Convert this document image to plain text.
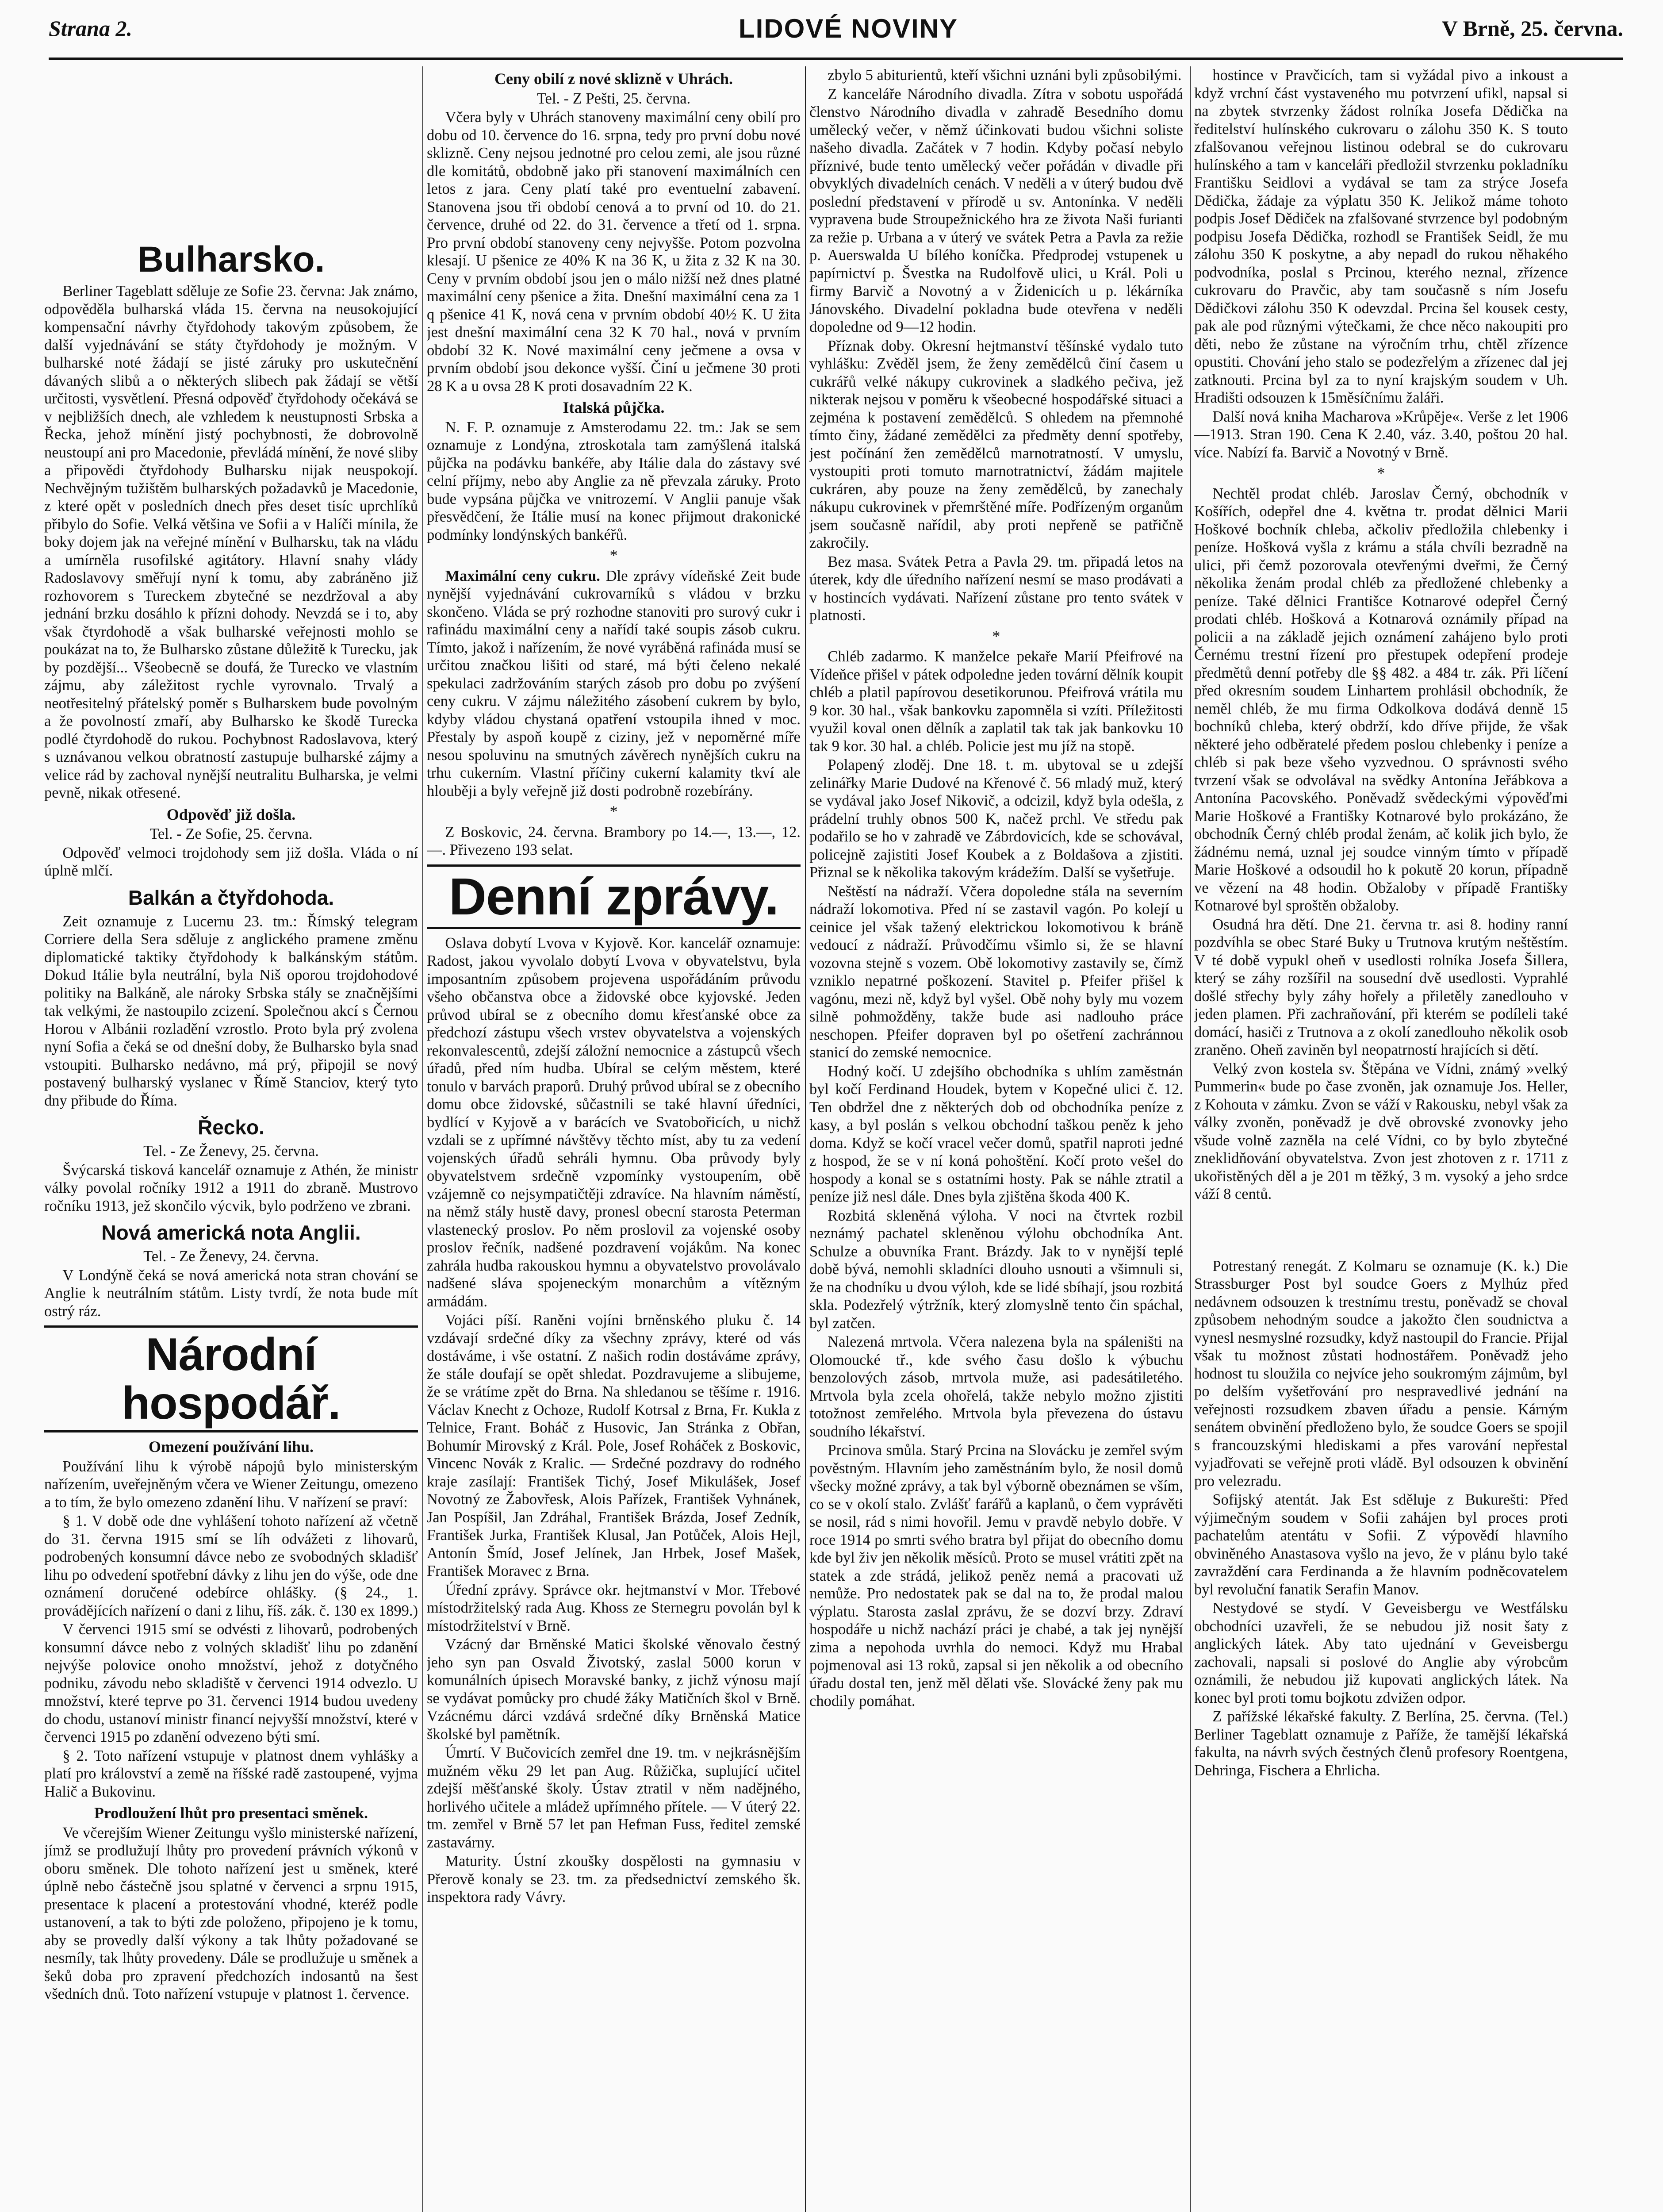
Strana 2.	LIDOVÉ NOVINY	V Brně, 25. června.
Bulharsko.

Berliner Tageblatt sděluje ze Sofie 23. června: Jak známo, odpověděla bulharská vláda 15. června na neusokojující kompensační návrhy čtyřdohody takovým způsobem, že další vyjednávání se státy čtyřdohody je možným. V bulharské noté žádají se jisté záruky pro uskutečnění dávaných slibů a o některých slibech pak žádají se větší určitosti, vysvětlení. Přesná odpověď čtyřdohody očekává se v nejbližších dnech, ale vzhledem k neustupnosti Srbska a Řecka, jehož mínění jistý pochybnosti, že dobrovolně neustoupí ani pro Macedonie, převládá mínění, že nové sliby a připovědi čtyřdohody Bulharsku nijak neuspokojí. Nechvějným tužištěm bulharských požadavků je Macedonie, z které opět v posledních dnech přes deset tisíc uprchlíků přibylo do Sofie. Velká většina ve Sofii a v Halíči mínila, že boky dojem jak na veřejné mínění v Bulharsku, tak na vládu a umírněla rusofilské agitátory. Hlavní snahy vlády Radoslavovy směřují nyní k tomu, aby zabráněno již rozhovorem s Tureckem zbytečné se nezdržoval a aby jednání brzku dosáhlo k přízni dohody. Nevzdá se i to, aby však čtyrdohodě a však bulharské veřejnosti mohlo se poukázat na to, že Bulharsko zůstane důležitě k Turecku, jak by pozdější... Všeobecně se doufá, že Turecko ve vlastním zájmu, aby záležitost rychle vyrovnalo. Trvalý a neotřesitelný přátelský poměr s Bulharskem bude povolným a že povolností zmaří, aby Bulharsko ke škodě Turecka podlé čtyrdohodě do rukou. Pochybnost Radoslavova, který s uznávanou velkou obratností zastupuje bulharské zájmy a velice rád by zachoval nynější neutralitu Bulharska, je velmi pevně, nikak otřesené.

Odpověď již došla.
Tel. - Ze Sofie, 25. června.

Odpověď velmoci trojdohody sem již došla. Vláda o ní úplně mlčí.

Balkán a čtyřdohoda.

Zeit oznamuje z Lucernu 23. tm.: Římský telegram Corriere della Sera sděluje z anglického pramene změnu diplomatické taktiky čtyřdohody k balkánským státům. Dokud Itálie byla neutrální, byla Niš oporou trojdohodové politiky na Balkáně, ale nároky Srbska stály se značnějšími tak velkými, že nastoupilo zcizení. Společnou akcí s Černou Horou v Albánii rozladění vzrostlo. Proto byla prý zvolena nyní Sofia a čeká se od dnešní doby, že Bulharsko byla snad vstoupiti. Bulharsko nedávno, má prý, připojil se nový postavený bulharský vyslanec v Římě Stanciov, který tyto dny přibude do Říma.

Řecko.
Tel. - Ze Ženevy, 25. června.

Švýcarská tisková kancelář oznamuje z Athén, že ministr války povolal ročníky 1912 a 1911 do zbraně. Mustrovo ročníku 1913, jež skončilo výcvik, bylo podrženo ve zbrani.

Nová americká nota Anglii.
Tel. - Ze Ženevy, 24. června.

V Londýně čeká se nová americká nota stran chování se Anglie k neutrálním státům. Listy tvrdí, že nota bude mít ostrý ráz.

Národní hospodář.
Omezení používání lihu.

Používání lihu k výrobě nápojů bylo ministerským nařízením, uveřejněným včera ve Wiener Zeitungu, omezeno a to tím, že bylo omezeno zdanění lihu. V nařízení se praví:

§ 1. V době ode dne vyhlášení tohoto nařízení až včetně do 31. června 1915 smí se líh odvážeti z lihovarů, podrobených konsumní dávce nebo ze svobodných skladišť lihu po odvedení spotřební dávky z lihu jen do výše, ode dne oznámení doručené odebírce ohlášky. (§ 24., 1. provádějících nařízení o dani z lihu, říš. zák. č. 130 ex 1899.)

V červenci 1915 smí se odvésti z lihovarů, podrobených konsumní dávce nebo z volných skladišť lihu po zdanění nejvýše polovice onoho množství, jehož z dotyčného podniku, závodu nebo skladiště v červenci 1914 odvezlo. U množství, které teprve po 31. červenci 1914 budou uvedeny do chodu, ustanoví ministr financí nejvyšší množství, které v červenci 1915 po zdanění odvezeno býti smí.

§ 2. Toto nařízení vstupuje v platnost dnem vyhlášky a platí pro království a země na říšské radě zastoupené, vyjma Halič a Bukovinu.

Prodloužení lhůt pro presentaci směnek.

Ve včerejším Wiener Zeitungu vyšlo ministerské nařízení, jímž se prodlužují lhůty pro provedení právních výkonů v oboru směnek. Dle tohoto nařízení jest u směnek, které úplně nebo částečně jsou splatné v červenci a srpnu 1915, presentace k placení a protestování vhodné, kteréž podle ustanovení, a tak to býti zde položeno, připojeno je k tomu, aby se provedly další výkony a tak lhůty požadované se nesmíly, tak lhůty provedeny. Dále se prodlužuje u směnek a šeků doba pro zpravení předchozích indosantů na šest všedních dnů. Toto nařízení vstupuje v platnost 1. července.

Ceny obilí z nové sklizně v Uhrách.
Tel. - Z Pešti, 25. června.

Včera byly v Uhrách stanoveny maximální ceny obilí pro dobu od 10. července do 16. srpna, tedy pro první dobu nové sklizně. Ceny nejsou jednotné pro celou zemi, ale jsou různé dle komitátů, obdobně jako při stanovení maximálních cen letos z jara. Ceny platí také pro eventuelní zabavení. Stanovena jsou tři období cenová a to první od 10. do 21. července, druhé od 22. do 31. července a třetí od 1. srpna. Pro první období stanoveny ceny nejvyšše. Potom pozvolna klesají. U pšenice ze 40% K na 36 K, u žita z 32 K na 30. Ceny v prvním období jsou jen o málo nižší než dnes platné maximální ceny pšenice a žita. Dnešní maximální cena za 1 q pšenice 41 K, nová cena v prvním období 40½ K. U žita jest dnešní maximální cena 32 K 70 hal., nová v prvním období 32 K. Nové maximální ceny ječmene a ovsa v prvním období jsou dekonce vyšší. Činí u ječmene 30 proti 28 K a u ovsa 28 K proti dosavadním 22 K.

Italská půjčka.

N. F. P. oznamuje z Amsterodamu 22. tm.: Jak se sem oznamuje z Londýna, ztroskotala tam zamýšlená italská půjčka na podávku bankéře, aby Itálie dala do zástavy své celní příjmy, nebo aby Anglie za ně převzala záruky. Proto bude vypsána půjčka ve vnitrozemí. V Anglii panuje však přesvědčení, že Itálie musí na konec přijmout drakonické podmínky londýnských bankéřů.

*

Maximální ceny cukru. Dle zprávy vídeňské Zeit bude nynější vyjednávání cukrovarníků s vládou v brzku skončeno. Vláda se prý rozhodne stanoviti pro surový cukr i rafinádu maximální ceny a nařídí také soupis zásob cukru. Tímto, jakož i nařízením, že nové vyráběná rafináda musí se určitou značkou lišiti od staré, má býti čeleno nekalé spekulaci zadržováním starých zásob pro dobu po zvýšení ceny cukru. V zájmu náležitého zásobení cukrem by bylo, kdyby vládou chystaná opatření vstoupila ihned v moc. Přestaly by aspoň koupě z ciziny, jež v nepoměrné míře nesou spoluvinu na smutných závěrech nynějších cukru na trhu cukerním. Vlastní příčiny cukerní kalamity tkví ale hlouběji a byly veřejně již dosti podrobně rozebírány.

*

Z Boskovic, 24. června. Brambory po 14.—, 13.—, 12.—. Přivezeno 193 selat.

Denní zprávy.

Oslava dobytí Lvova v Kyjově. Kor. kancelář oznamuje: Radost, jakou vyvolalo dobytí Lvova v obyvatelstvu, byla imposantním způsobem projevena uspořádáním průvodu všeho občanstva obce a židovské obce kyjovské. Jeden průvod ubíral se z obecního domu křesťanské obce za předchozí zástupu všech vrstev obyvatelstva a vojenských rekonvalescentů, zdejší záložní nemocnice a zástupců všech úřadů, před ním hudba. Ubíral se celým městem, které tonulo v barvách praporů. Druhý průvod ubíral se z obecního domu obce židovské, sůčastnili se také hlavní úředníci, bydlící v Kyjově a v barácích ve Svatobořicích, u nichž vzdali se z upřímné návštěvy těchto míst, aby tu za vedení vojenských úřadů sehráli hymnu. Oba průvody byly obyvatelstvem srdečně vzpomínky vystoupením, obě vzájemně co nejsympatičtěji zdravíce. Na hlavním náměstí, na němž stály hustě davy, pronesl obecní starosta Peterman vlastenecký proslov. Po něm proslovil za vojenské osoby proslov řečník, nadšené pozdravení vojákům. Na konec zahrála hudba rakouskou hymnu a obyvatelstvo provolávalo nadšené sláva spojeneckým monarchům a vítězným armádám.

Vojáci píší. Raněni vojíni brněnského pluku č. 14 vzdávají srdečné díky za všechny zprávy, které od vás dostáváme, i vše ostatní. Z našich rodin dostáváme zprávy, že stále doufají se opět shledat. Pozdravujeme a slibujeme, že se vrátíme zpět do Brna. Na shledanou se těšíme r. 1916. Václav Knecht z Ochoze, Rudolf Kotrsal z Brna, Fr. Kukla z Telnice, Frant. Boháč z Husovic, Jan Stránka z Obřan, Bohumír Mirovský z Král. Pole, Josef Roháček z Boskovic, Vincenc Novák z Kralic. — Srdečné pozdravy do rodného kraje zasílají: František Tichý, Josef Mikulášek, Josef Novotný ze Žabovřesk, Alois Pařízek, František Vyhnánek, Jan Pospíšil, Jan Zdráhal, František Brázda, Josef Zedník, František Jurka, František Klusal, Jan Potůček, Alois Hejl, Antonín Šmíd, Josef Jelínek, Jan Hrbek, Josef Mašek, František Moravec z Brna.

Úřední zprávy. Správce okr. hejtmanství v Mor. Třebové místodržitelský rada Aug. Khoss ze Sternegru povolán byl k místodržitelství v Brně.

Vzácný dar Brněnské Matici školské věnovalo čestný jeho syn pan Osvald Životský, zaslal 5000 korun v komunálních úpisech Moravské banky, z jichž výnosu mají se vydávat pomůcky pro chudé žáky Matičních škol v Brně. Vzácnému dárci vzdává srdečné díky Brněnská Matice školské byl pamětník.

Úmrtí. V Bučovicích zemřel dne 19. tm. v nejkrásnějším mužném věku 29 let pan Aug. Růžička, suplující učitel zdejší měšťanské školy. Ústav ztratil v něm nadějného, horlivého učitele a mládež upřímného přítele. — V úterý 22. tm. zemřel v Brně 57 let pan Hefman Fuss, ředitel zemské zastavárny.

Maturity. Ústní zkoušky dospělosti na gymnasiu v Přerově konaly se 23. tm. za předsednictví zemského šk. inspektora rady Vávry.

zbylo 5 abiturientů, kteří všichni uznáni byli způsobilými.

Z kanceláře Národního divadla. Zítra v sobotu uspořádá členstvo Národního divadla v zahradě Besedního domu umělecký večer, v němž účinkovati budou všichni soliste našeho divadla. Začátek v 7 hodin. Kdyby počasí nebylo příznivé, bude tento umělecký večer pořádán v divadle při obvyklých divadelních cenách. V neděli a v úterý budou dvě poslední představení v přírodě u sv. Antonínka. V neděli vypravena bude Stroupežnického hra ze života Naši furianti za režie p. Urbana a v úterý ve svátek Petra a Pavla za režie p. Auerswalda U bílého koníčka. Předprodej vstupenek u papírnictví p. Švestka na Rudolfově ulici, u Král. Poli u firmy Barvič a Novotný a v Židenicích u p. lékárníka Jánovského. Divadelní pokladna bude otevřena v neděli dopoledne od 9—12 hodin.

Příznak doby. Okresní hejtmanství těšínské vydalo tuto vyhlášku: Zvěděl jsem, že ženy zemědělců činí časem u cukrářů velké nákupy cukrovinek a sladkého pečiva, jež nikterak nejsou v poměru k všeobecné hospodářské situaci a zejména k postavení zemědělců. S ohledem na přemnohé tímto činy, žádané zemědělci za předměty denní spotřeby, jest počínání žen zemědělců marnotratností. V umyslu, vystoupiti proti tomuto marnotratnictví, žádám majitele cukráren, aby pouze na ženy zemědělců, by zanechaly nákupu cukrovinek v přemrštěné míře. Podřízeným organům jsem současně nařídil, aby proti nepřeně se patřičně zakročily.

Bez masa. Svátek Petra a Pavla 29. tm. připadá letos na úterek, kdy dle úředního nařízení nesmí se maso prodávati a v hostincích vydávati. Nařízení zůstane pro tento svátek v platnosti.

*

Chléb zadarmo. K manželce pekaře Marií Pfeifrové na Vídeňce přišel v pátek odpoledne jeden tovární dělník koupit chléb a platil papírovou desetikorunou. Pfeifrová vrátila mu 9 kor. 30 hal., však bankovku zapomněla si vzíti. Příležitosti využil koval onen dělník a zaplatil tak tak jak bankovku 10 tak 9 kor. 30 hal. a chléb. Policie jest mu jíž na stopě.

Polapený zloděj. Dne 18. t. m. ubytoval se u zdejší zelinářky Marie Dudové na Křenové č. 56 mladý muž, který se vydával jako Josef Nikovič, a odcizil, když byla odešla, z prádelní truhly obnos 500 K, načež prchl. Ve středu pak podařilo se ho v zahradě ve Zábrdovicích, kde se schovával, policejně zajistiti Josef Koubek a z Boldašova a zjistiti. Přiznal se k několika takovým krádežím. Další se vyšetřuje.

Neštěstí na nádraží. Včera dopoledne stála na severním nádraží lokomotiva. Před ní se zastavil vagón. Po kolejí u ceinice jel však tažený elektrickou lokomotivou k bráně vedoucí z nádraží. Průvodčímu všimlo si, že se hlavní vozovna stejně s vozem. Obě lokomotivy zastavily se, čímž vzniklo nepatrné poškození. Stavitel p. Pfeifer přišel k vagónu, mezi ně, když byl vyšel. Obě nohy byly mu vozem silně pohmožděny, takže bude asi nadlouho práce neschopen. Pfeifer dopraven byl po ošetření zachránnou stanicí do zemské nemocnice.

Hodný kočí. U zdejšího obchodníka s uhlím zaměstnán byl kočí Ferdinand Houdek, bytem v Kopečné ulici č. 12. Ten obdržel dne z některých dob od obchodníka peníze z kasy, a byl poslán s velkou obchodní taškou peněz k jeho doma. Když se kočí vracel večer domů, spatřil naproti jedné z hospod, že se v ní koná pohoštění. Kočí proto vešel do hospody a konal se s ostatními hosty. Pak se náhle ztratil a peníze již nesl dále. Dnes byla zjištěna škoda 400 K.

Rozbitá skleněná výloha. V noci na čtvrtek rozbil neznámý pachatel skleněnou výlohu obchodníka Ant. Schulze a obuvníka Frant. Brázdy. Jak to v nynější teplé době bývá, nemohli skladníci dlouho usnouti a všimnuli si, že na chodníku u dvou výloh, kde se lidé sbíhají, jsou rozbitá skla. Podezřelý výtržník, který zlomyslně tento čin spáchal, byl zatčen.

Nalezená mrtvola. Včera nalezena byla na spáleništi na Olomoucké tř., kde svého času došlo k výbuchu benzolových zásob, mrtvola muže, asi padesátiletého. Mrtvola byla zcela ohořelá, takže nebylo možno zjistiti totožnost zemřelého. Mrtvola byla převezena do ústavu soudního lékařství.

Prcinova smůla. Starý Prcina na Slovácku je zemřel svým pověstným. Hlavním jeho zaměstnáním bylo, že nosil domů všecky možné zprávy, a tak byl výborně obeznámen se vším, co se v okolí stalo. Zvlášť farářů a kaplanů, o čem vyprávěti se nosil, rád s nimi hovořil. Jemu v pravdě nebylo dobře. V roce 1914 po smrti svého bratra byl přijat do obecního domu kde byl živ jen několik měsíců. Proto se musel vrátiti zpět na statek a zde strádá, jelikož peněz nemá a pracovati už nemůže. Pro nedostatek pak se dal na to, že prodal malou výplatu. Starosta zaslal zprávu, že se dozví brzy. Zdraví hospodáře u nichž nachází práci je chabé, a tak jej nynější zima a nepohoda uvrhla do nemoci. Když mu Hrabal pojmenoval asi 13 roků, zapsal si jen několik a od obecního úřadu dostal ten, jenž měl dělati vše. Slovácké ženy pak mu chodily pomáhat.

hostince v Pravčicích, tam si vyžádal pivo a inkoust a když vrchní část vystaveného mu potvrzení ufikl, napsal si na zbytek stvrzenky žádost rolníka Josefa Dědička na ředitelství hulínského cukrovaru o zálohu 350 K. S touto zfalšovanou veřejnou listinou odebral se do cukrovaru hulínského a tam v kanceláři předložil stvrzenku pokladníku Františku Seidlovi a vydával se tam za strýce Josefa Dědička, žádaje za výplatu 350 K. Jelikož máme tohoto podpis Josef Dědiček na zfalšované stvrzence byl podobným podpisu Josefa Dědička, rozhodl se František Seidl, že mu zálohu 350 K poskytne, a aby nepadl do rukou něhakého podvodníka, poslal s Prcinou, kterého neznal, zřízence cukrovaru do Pravčic, aby tam současně s ním Josefu Dědičkovi zálohu 350 K odevzdal. Prcina šel kousek cesty, pak ale pod různými výtečkami, že chce něco nakoupiti pro děti, nebo že zůstane na výročním trhu, chtěl zřízence opustiti. Chování jeho stalo se podezřelým a zřízenec dal jej zatknouti. Prcina byl za to nyní krajským soudem v Uh. Hradišti odsouzen k 15měsíčnímu žaláři.

Další nová kniha Macharova »Krůpěje«. Verše z let 1906—1913. Stran 190. Cena K 2.40, váz. 3.40, poštou 20 hal. více. Nabízí fa. Barvič a Novotný v Brně.

*

Nechtěl prodat chléb. Jaroslav Černý, obchodník v Košířích, odepřel dne 4. května tr. prodat dělnici Marii Hoškové bochník chleba, ačkoliv předložila chlebenky i peníze. Hošková vyšla z krámu a stála chvíli bezradně na ulici, při čemž pozorovala otevřenými dveřmi, že Černý několika ženám prodal chléb za předložené chlebenky a peníze. Také dělnici Františce Kotnarové odepřel Černý prodati chléb. Hošková a Kotnarová oznámily případ na policii a na základě jejich oznámení zahájeno bylo proti Černému trestní řízení pro přestupek odepření prodeje předmětů denní potřeby dle §§ 482. a 484 tr. zák. Při líčení před okresním soudem Linhartem prohlásil obchodník, že neměl chléb, že mu firma Odkolkova dodává denně 15 bochníků chleba, který obdrží, kdo dříve přijde, že však některé jeho odběratelé předem poslou chlebenky i peníze a chléb si pak beze všeho vyzvednou. O správnosti svého tvrzení však se odvolával na svědky Antonína Jeřábkova a Antonína Pacovského. Poněvadž svědeckými výpověďmi Marie Hoškové a Františky Kotnarové bylo prokázáno, že obchodník Černý chléb prodal ženám, ač kolik jich bylo, že žádnému nemá, uznal jej soudce vinným tímto v případě Marie Hoškové a odsoudil ho k pokutě 20 korun, případně ve vězení na 48 hodin. Obžaloby v případě Františky Kotnarové byl sproštěn obžaloby.

Osudná hra dětí. Dne 21. června tr. asi 8. hodiny ranní pozdvíhla se obec Staré Buky u Trutnova krutým neštěstím. V té době vypukl oheň v usedlosti rolníka Josefa Šillera, který se záhy rozšířil na sousední dvě usedlosti. Vyprahlé došlé střechy byly záhy hořely a přiletěly zanedlouho v jeden plamen. Při zachraňování, při kterém se podíleli také domácí, hasiči z Trutnova a z okolí zanedlouho několik osob zraněno. Oheň zaviněn byl neopatrností hrajících si dětí.

Velký zvon kostela sv. Štěpána ve Vídni, známý »velký Pummerin« bude po čase zvoněn, jak oznamuje Jos. Heller, z Kohouta v zámku. Zvon se váží v Rakousku, nebyl však za války zvoněn, poněvadž je dvě obrovské zvonovky jeho všude volně zazněla na celé Vídni, co by bylo zbytečné zneklidňování obyvatelstva. Zvon jest zhotoven z r. 1711 z ukořistěných děl a je 201 m těžký, 3 m. vysoký a jeho srdce váží 8 centů.

Potrestaný renegát. Z Kolmaru se oznamuje (K. k.) Die Strassburger Post byl soudce Goers z Mylhúz před nedávnem odsouzen k trestnímu trestu, poněvadž se choval způsobem nehodným soudce a jakožto člen soudnictva a vynesl nesmyslné rozsudky, když nastoupil do Francie. Přijal však tu možnost zůstati hodnostářem. Poněvadž jeho hodnost tu sloužila co nejvíce jeho soukromým zájmům, byl po delším vyšetřování pro nespravedlivé jednání na veřejnosti rozsudkem zbaven úřadu a pensie. Kárným senátem obvinění předloženo bylo, že soudce Goers se spojil s francouzskými hlediskami a přes varování nepřestal vyjadřovati se veřejně proti vládě. Byl odsouzen k obvinění pro velezradu.

Sofijský atentát. Jak Est sděluje z Bukurešti: Před výjimečným soudem v Sofii zahájen byl proces proti pachatelům atentátu v Sofii. Z výpovědí hlavního obviněného Anastasova vyšlo na jevo, že v plánu bylo také zavraždění cara Ferdinanda a že hlavním podněcovatelem byl revoluční fanatik Serafin Manov.

Nestydové se stydí. V Geveisbergu ve Westfálsku obchodníci uzavřeli, že se nebudou již nosit šaty z anglických látek. Aby tato ujednání v Geveisbergu zachovali, napsali si poslové do Anglie aby výrobcům oznámili, že nebudou již kupovati anglických látek. Na konec byl proti tomu bojkotu zdvižen odpor.

Z pařížské lékařské fakulty. Z Berlína, 25. června. (Tel.) Berliner Tageblatt oznamuje z Paříže, že tamější lékařská fakulta, na návrh svých čestných členů profesory Roentgena, Dehringa, Fischera a Ehrlicha.
